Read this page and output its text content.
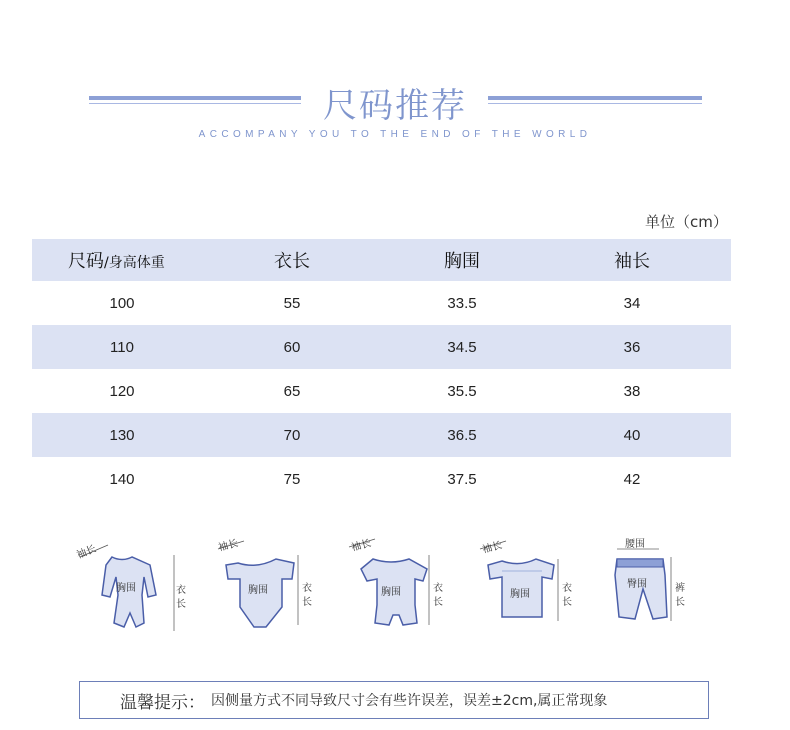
尺码推荐
ACCOMPANY YOU TO THE END OF THE WORLD
单位（cm）
尺码/身高体重	衣长	胸围	袖长
100	55	33.5	34
110	60	34.5	36
120	65	35.5	38
130	70	36.5	40
140	75	37.5	42
袖长
胸围	衣
长
袖长
胸围	衣
长
袖长
胸围	衣
长
袖长
胸围
衣
长
腰围
臀围	裤
长
温馨提示： 因侧量方式不同导致尺寸会有些许误差，误差±2cm,属正常现象
